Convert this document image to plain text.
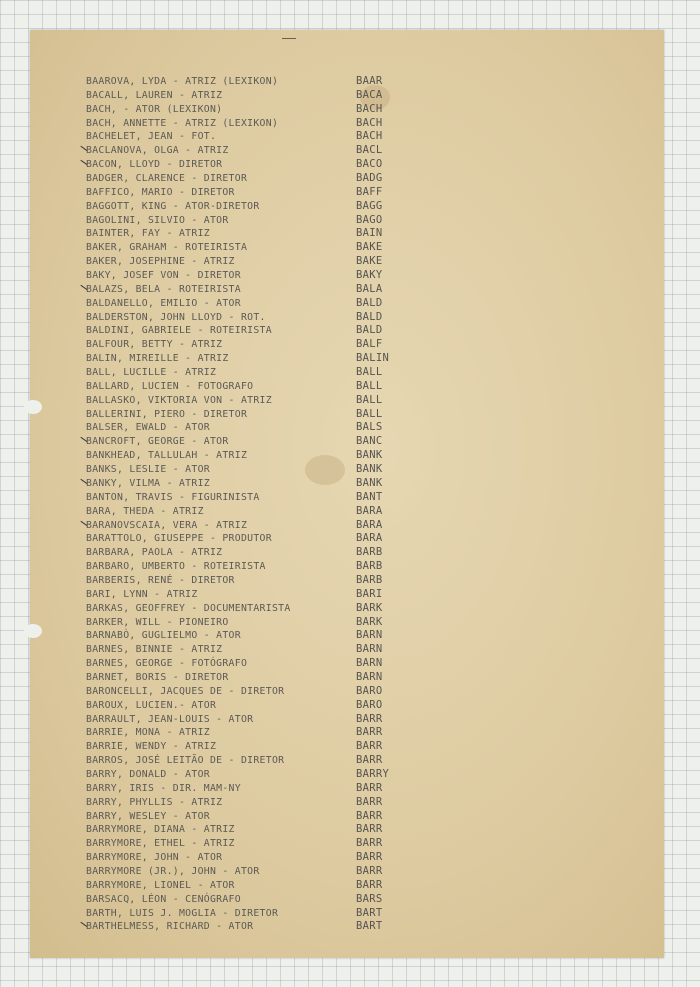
BAAROVA, LYDA - ATRIZ (LEXIKON)	BAAR
BACALL, LAUREN - ATRIZ	BACA
BACH, - ATOR (LEXIKON)	BACH
BACH, ANNETTE - ATRIZ (LEXIKON)	BACH
BACHELET, JEAN - FOT.	BACH
BACLANOVA, OLGA - ATRIZ	BACL
BACON, LLOYD - DIRETOR	BACO
BADGER, CLARENCE - DIRETOR	BADG
BAFFICO, MARIO - DIRETOR	BAFF
BAGGOTT, KING - ATOR-DIRETOR	BAGG
BAGOLINI, SILVIO - ATOR	BAGO
BAINTER, FAY - ATRIZ	BAIN
BAKER, GRAHAM - ROTEIRISTA	BAKE
BAKER, JOSEPHINE - ATRIZ	BAKE
BAKY, JOSEF VON - DIRETOR	BAKY
BALAZS, BELA - ROTEIRISTA	BALA
BALDANELLO, EMILIO - ATOR	BALD
BALDERSTON, JOHN LLOYD - ROT.	BALD
BALDINI, GABRIELE - ROTEIRISTA	BALD
BALFOUR, BETTY - ATRIZ	BALF
BALIN, MIREILLE - ATRIZ	BALIN
BALL, LUCILLE - ATRIZ	BALL
BALLARD, LUCIEN - FOTOGRAFO	BALL
BALLASKO, VIKTORIA VON - ATRIZ	BALL
BALLERINI, PIERO - DIRETOR	BALL
BALSER, EWALD - ATOR	BALS
BANCROFT, GEORGE - ATOR	BANC
BANKHEAD, TALLULAH - ATRIZ	BANK
BANKS, LESLIE - ATOR	BANK
BANKY, VILMA - ATRIZ	BANK
BANTON, TRAVIS - FIGURINISTA	BANT
BARA, THEDA - ATRIZ	BARA
BARANOVSCAIA, VERA - ATRIZ	BARA
BARATTOLO, GIUSEPPE - PRODUTOR	BARA
BARBARA, PAOLA - ATRIZ	BARB
BARBARO, UMBERTO - ROTEIRISTA	BARB
BARBERIS, RENÉ - DIRETOR	BARB
BARI, LYNN - ATRIZ	BARI
BARKAS, GEOFFREY - DOCUMENTARISTA	BARK
BARKER, WILL - PIONEIRO	BARK
BARNABÒ, GUGLIELMO - ATOR	BARN
BARNES, BINNIE - ATRIZ	BARN
BARNES, GEORGE - FOTÓGRAFO	BARN
BARNET, BORIS - DIRETOR	BARN
BARONCELLI, JACQUES DE - DIRETOR	BARO
BAROUX, LUCIEN.- ATOR	BARO
BARRAULT, JEAN-LOUIS - ATOR	BARR
BARRIE, MONA - ATRIZ	BARR
BARRIE, WENDY - ATRIZ	BARR
BARROS, JOSÉ LEITÃO DE - DIRETOR	BARR
BARRY, DONALD - ATOR	BARRY
BARRY, IRIS - DIR. MAM-NY	BARR
BARRY, PHYLLIS - ATRIZ	BARR
BARRY, WESLEY - ATOR	BARR
BARRYMORE, DIANA - ATRIZ	BARR
BARRYMORE, ETHEL - ATRIZ	BARR
BARRYMORE, JOHN - ATOR	BARR
BARRYMORE (JR.), JOHN - ATOR	BARR
BARRYMORE, LIONEL - ATOR	BARR
BARSACQ, LÉON - CENÓGRAFO	BARS
BARTH, LUIS J. MOGLIA - DIRETOR	BART
BARTHELMESS, RICHARD - ATOR	BART
